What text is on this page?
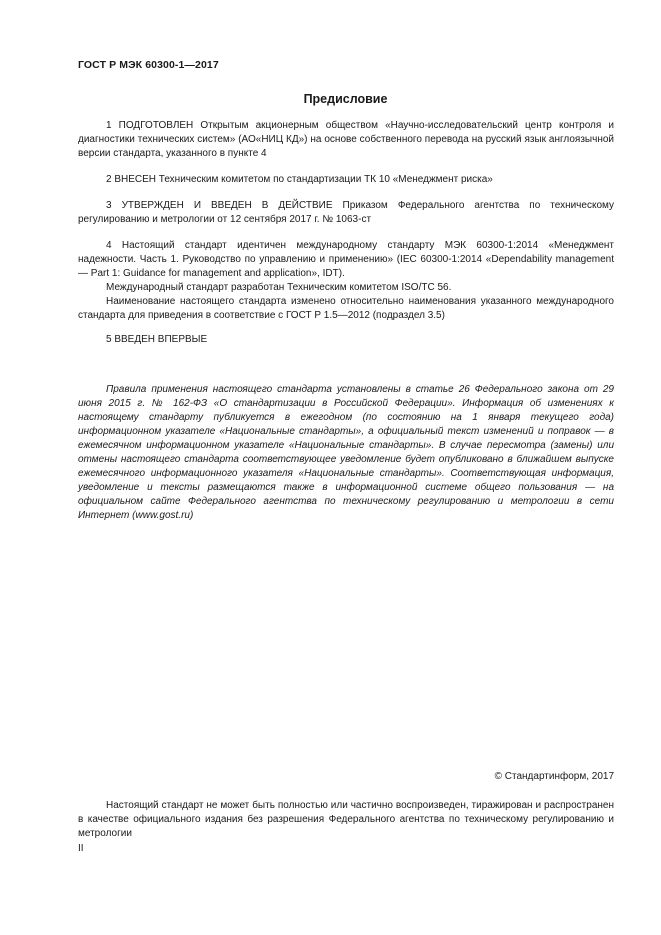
ГОСТ Р МЭК 60300-1—2017
Предисловие

1 ПОДГОТОВЛЕН Открытым акционерным обществом «Научно-исследовательский центр контроля и диагностики технических систем» (АО«НИЦ КД») на основе собственного перевода на русский язык англоязычной версии стандарта, указанного в пункте 4

2 ВНЕСЕН Техническим комитетом по стандартизации ТК 10 «Менеджмент риска»

3 УТВЕРЖДЕН И ВВЕДЕН В ДЕЙСТВИЕ Приказом Федерального агентства по техническому регулированию и метрологии от 12 сентября 2017 г. № 1063-ст

4 Настоящий стандарт идентичен международному стандарту МЭК 60300-1:2014 «Менеджмент надежности. Часть 1. Руководство по управлению и применению» (IEC 60300-1:2014 «Dependability management — Part 1: Guidance for management and application», IDT).

Международный стандарт разработан Техническим комитетом ISO/TC 56.

Наименование настоящего стандарта изменено относительно наименования указанного международного стандарта для приведения в соответствие с ГОСТ Р 1.5—2012 (подраздел 3.5)

5 ВВЕДЕН ВПЕРВЫЕ

Правила применения настоящего стандарта установлены в статье 26 Федерального закона от 29 июня 2015 г. № 162-ФЗ «О стандартизации в Российской Федерации». Информация об изменениях к настоящему стандарту публикуется в ежегодном (по состоянию на 1 января текущего года) информационном указателе «Национальные стандарты», а официальный текст изменений и поправок — в ежемесячном информационном указателе «Национальные стандарты». В случае пересмотра (замены) или отмены настоящего стандарта соответствующее уведомление будет опубликовано в ближайшем выпуске ежемесячного информационного указателя «Национальные стандарты». Соответствующая информация, уведомление и тексты размещаются также в информационной системе общего пользования — на официальном сайте Федерального агентства по техническому регулированию и метрологии в сети Интернет (www.gost.ru)

© Стандартинформ, 2017

Настоящий стандарт не может быть полностью или частично воспроизведен, тиражирован и распространен в качестве официального издания без разрешения Федерального агентства по техническому регулированию и метрологии

II
